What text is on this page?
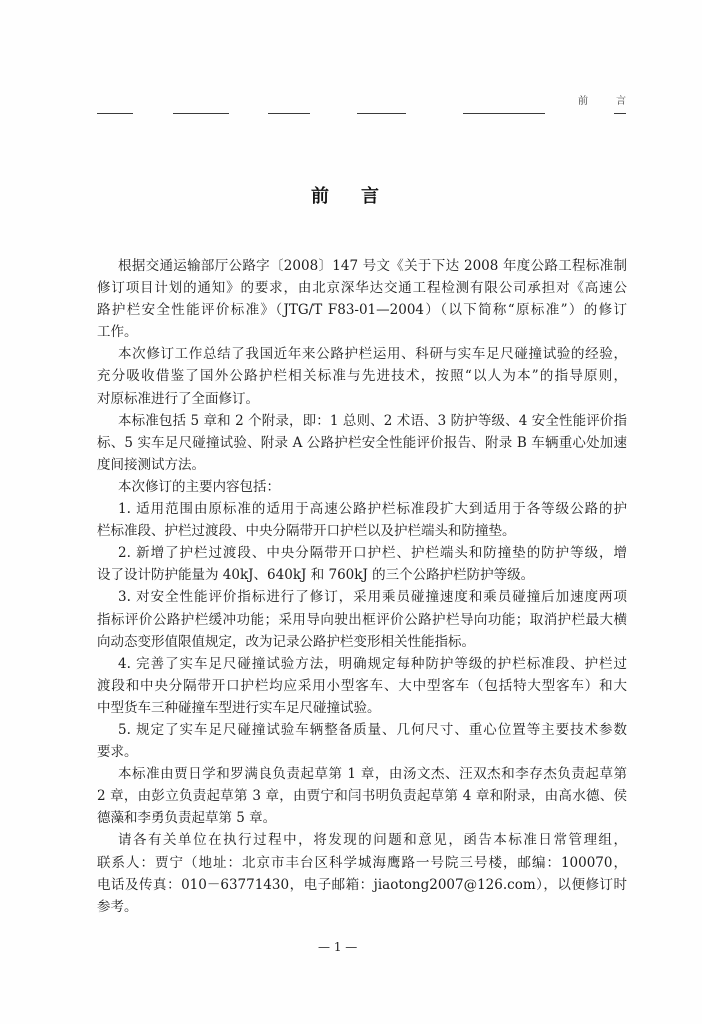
前　言
前　言
根据交通运输部厅公路字〔2008〕147 号文《关于下达 2008 年度公路工程标准制
修订项目计划的通知》的要求，由北京深华达交通工程检测有限公司承担对《高速公
路护栏安全性能评价标准》（JTG/T F83-01—2004）（以下简称“原标准”）的修订
工作。
本次修订工作总结了我国近年来公路护栏运用、科研与实车足尺碰撞试验的经验，
充分吸收借鉴了国外公路护栏相关标准与先进技术，按照“以人为本”的指导原则，
对原标准进行了全面修订。
本标准包括 5 章和 2 个附录，即：1 总则、2 术语、3 防护等级、4 安全性能评价指
标、5 实车足尺碰撞试验、附录 A 公路护栏安全性能评价报告、附录 B 车辆重心处加速
度间接测试方法。
本次修订的主要内容包括：
1. 适用范围由原标准的适用于高速公路护栏标准段扩大到适用于各等级公路的护
栏标准段、护栏过渡段、中央分隔带开口护栏以及护栏端头和防撞垫。
2. 新增了护栏过渡段、中央分隔带开口护栏、护栏端头和防撞垫的防护等级，增
设了设计防护能量为 40kJ、640kJ 和 760kJ 的三个公路护栏防护等级。
3. 对安全性能评价指标进行了修订，采用乘员碰撞速度和乘员碰撞后加速度两项
指标评价公路护栏缓冲功能；采用导向驶出框评价公路护栏导向功能；取消护栏最大横
向动态变形值限值规定，改为记录公路护栏变形相关性能指标。
4. 完善了实车足尺碰撞试验方法，明确规定每种防护等级的护栏标准段、护栏过
渡段和中央分隔带开口护栏均应采用小型客车、大中型客车（包括特大型客车）和大
中型货车三种碰撞车型进行实车足尺碰撞试验。
5. 规定了实车足尺碰撞试验车辆整备质量、几何尺寸、重心位置等主要技术参数
要求。
本标准由贾日学和罗满良负责起草第 1 章，由汤文杰、汪双杰和李存杰负责起草第
2 章，由彭立负责起草第 3 章，由贾宁和闫书明负责起草第 4 章和附录，由高水德、侯
德藻和李勇负责起草第 5 章。
请各有关单位在执行过程中，将发现的问题和意见，函告本标准日常管理组，
联系人：贾宁（地址：北京市丰台区科学城海鹰路一号院三号楼，邮编：100070，
电话及传真：010－63771430，电子邮箱：jiaotong2007@126.com），以便修订时
参考。
— 1 —
